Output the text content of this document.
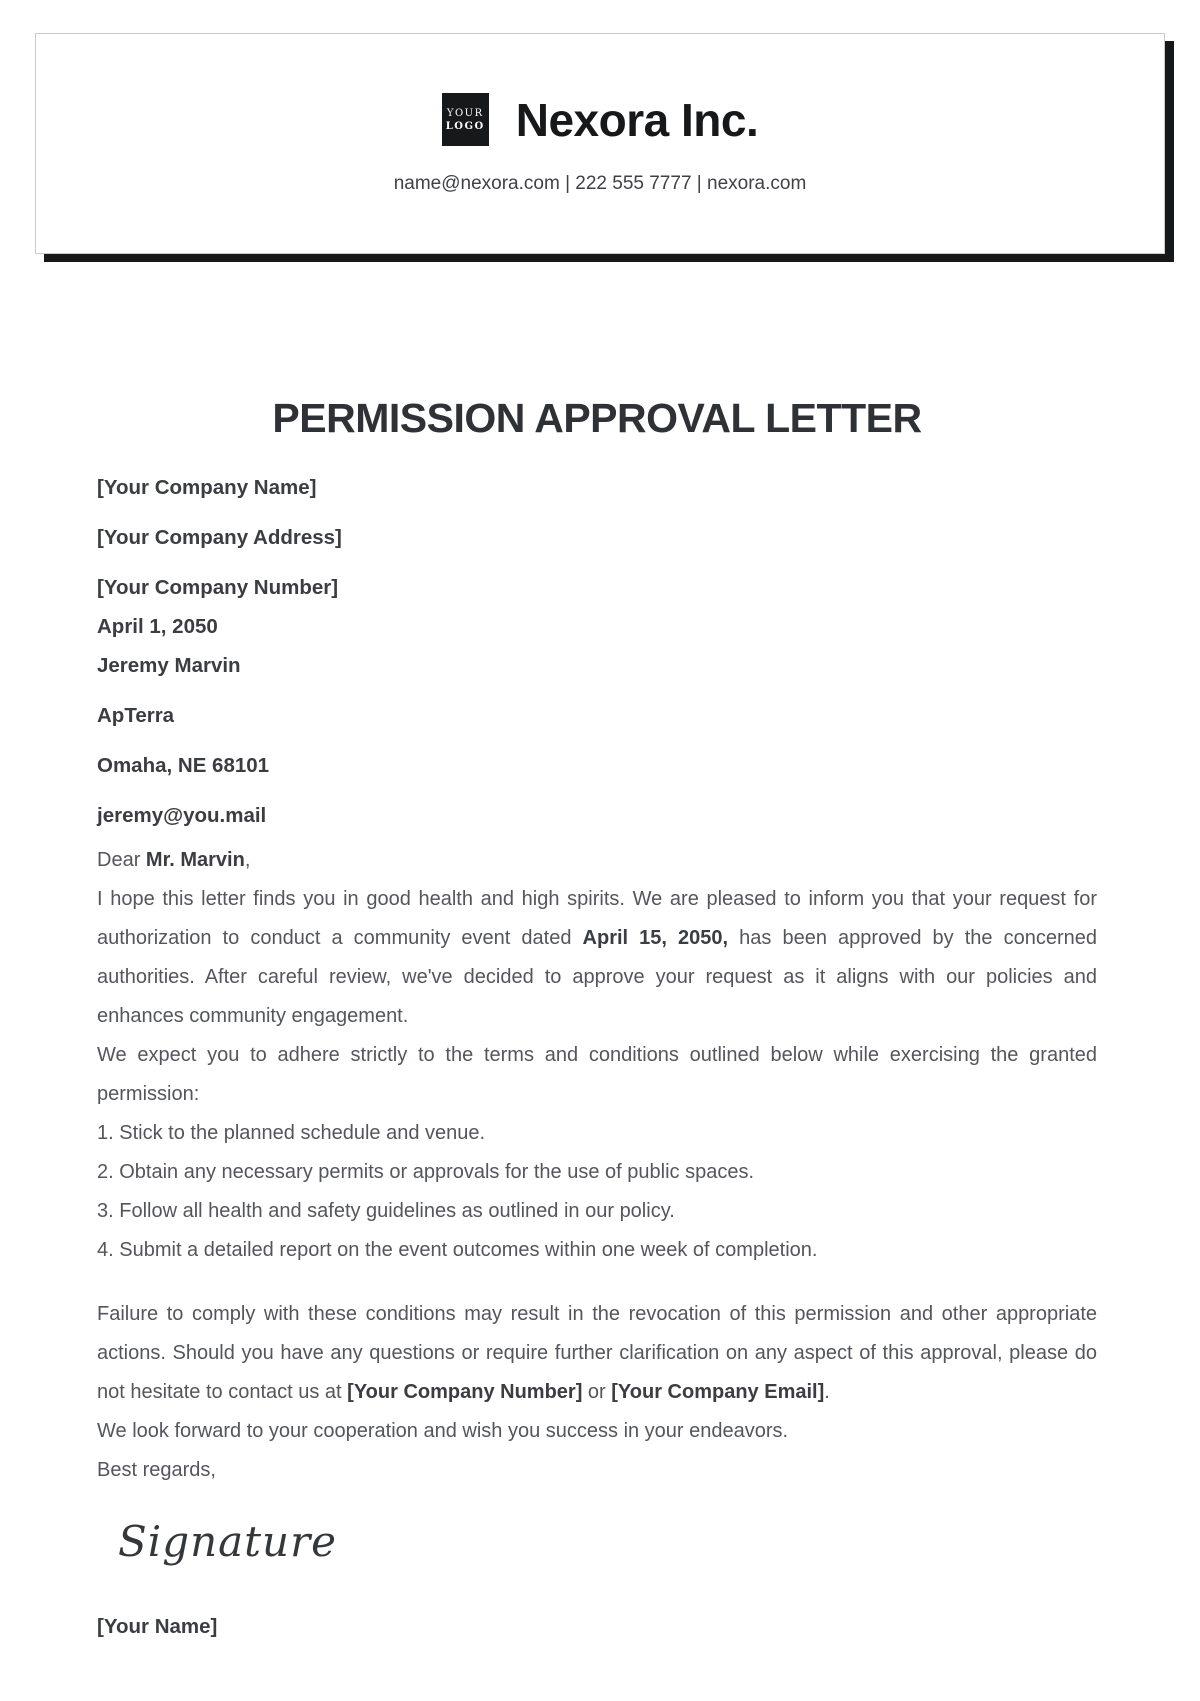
YOUR
LOGO Nexora Inc.
name@nexora.com | 222 555 7777 | nexora.com
PERMISSION APPROVAL LETTER
[Your Company Name]
[Your Company Address]
[Your Company Number]
April 1, 2050
Jeremy Marvin
ApTerra
Omaha, NE 68101
jeremy@you.mail

Dear Mr. Marvin,

I hope this letter finds you in good health and high spirits. We are pleased to inform you that your request for authorization to conduct a community event dated April 15, 2050, has been approved by the concerned authorities. After careful review, we've decided to approve your request as it aligns with our policies and enhances community engagement.

We expect you to adhere strictly to the terms and conditions outlined below while exercising the granted permission:

Stick to the planned schedule and venue.
Obtain any necessary permits or approvals for the use of public spaces.
Follow all health and safety guidelines as outlined in our policy.
Submit a detailed report on the event outcomes within one week of completion.

Failure to comply with these conditions may result in the revocation of this permission and other appropriate actions. Should you have any questions or require further clarification on any aspect of this approval, please do not hesitate to contact us at [Your Company Number] or [Your Company Email].

We look forward to your cooperation and wish you success in your endeavors.

Best regards,

Signature
[Your Name]
